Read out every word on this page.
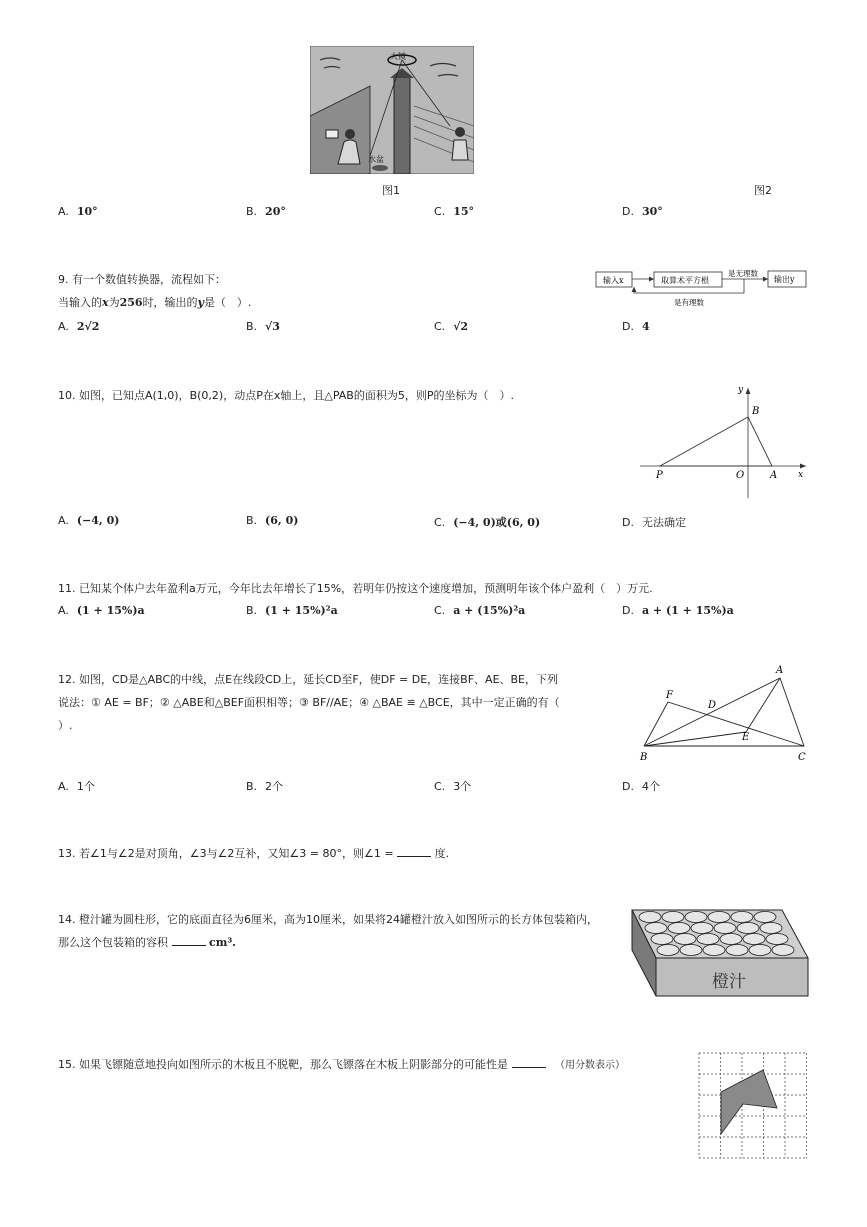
大镜
水盆
图1	图2
A. 10°	B. 20°	C. 15°	D. 30°
9. 有一个数值转换器，流程如下：
当输入的x为256时，输出的y是（　）.
输入x	取算术平方根
是无理数
输出y
是有理数
A. 2√2	B. √3	C. √2	D. 4
10. 如图，已知点A(1,0)，B(0,2)，动点P在x轴上，且△PAB的面积为5，则P的坐标为（　）.	y
B
P	O	A x
A. (−4, 0)	B. (6, 0)	C. (−4, 0)或(6, 0)	D. 无法确定
11. 已知某个体户去年盈利a万元，今年比去年增长了15%，若明年仍按这个速度增加，预测明年该个体户盈利（　）万元.
A. (1 + 15%)a	B. (1 + 15%)²a	C. a + (15%)²a	D. a + (1 + 15%)a
12. 如图，CD是△ABC的中线，点E在线段CD上，延长CD至F，使DF = DE，连接BF、AE、BE，下列
说法：① AE = BF；② △ABE和△BEF面积相等；③ BF//AE；④ △BAE ≌ △BCE，其中一定正确的有（
）.
A
F
D
E
B	C
A. 1个	B. 2个	C. 3个	D. 4个
13. 若∠1与∠2是对顶角，∠3与∠2互补，又知∠3 = 80°，则∠1 =	度.
14. 橙汁罐为圆柱形，它的底面直径为6厘米，高为10厘米，如果将24罐橙汁放入如图所示的长方体包装箱内，
那么这个包装箱的容积	cm³.
橙汁
15. 如果飞镖随意地投向如图所示的木板且不脱靶，那么飞镖落在木板上阴影部分的可能性是	（用分数表示）
